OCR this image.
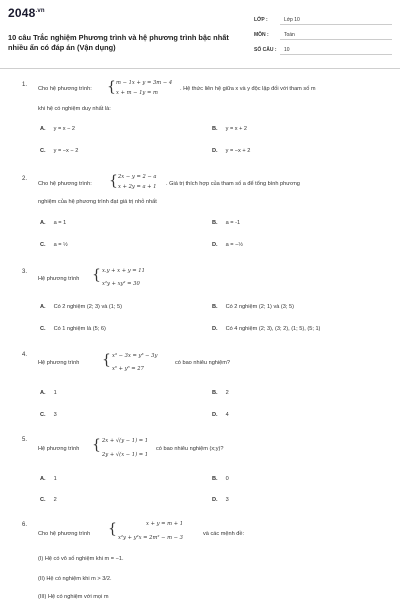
$2048^{.vn}$
10 câu Trắc nghiệm Phương trình và hệ phương trình bậc nhất nhiều ẩn có đáp án (Vận dụng)
LỚP :	Lớp 10
MÔN :	Toán
SỐ CÂU : 10
1.
Cho hệ phương trình: { m − 1x + y = 3m − 4
x + m − 1y = m
. Hệ thức liên hệ giữa x và y độc lập đối với tham số m
khi hệ có nghiệm duy nhất là:
A. y = x − 2	B. y = x + 2
C. y = −x − 2	D. y = −x + 2
2.
Cho hệ phương trình: { 2x − y = 2 − a
x + 2y = a + 1 . Giá trị thích hợp của tham số a để tổng bình phương
nghiệm của hệ phương trình đạt giá trị nhỏ nhất
A. a = 1	B. a = -1
C. a = ½	D. a = −½
3.
Hệ phương trình { x.y + x + y = 11
x²y + xy² = 30
A. Có 2 nghiệm (2; 3) và (1; 5)	B. Có 2 nghiệm (2; 1) và (3; 5)
C. Có 1 nghiệm là (5; 6)	D. Có 4 nghiệm (2; 3), (3; 2), (1; 5), (5; 1)
4.
Hệ phương trình { x³ − 3x = y³ − 3y
x⁶ + y⁶ = 27
có bao nhiêu nghiệm?
A. 1	B. 2
C. 3	D. 4
5.
Hệ phương trình { 2x + √(y − 1) = 1
2y + √(x − 1) = 1
có bao nhiêu nghiệm (x;y)?
A. 1	B. 0
C. 2	D. 3
6.
Cho hệ phương trình {	x + y = m + 1
x²y + y²x = 2m² − m − 3
và các mệnh đề:
(I) Hệ có vô số nghiệm khi m = −1.
(II) Hệ có nghiệm khi m > 3/2.
(III) Hệ có nghiệm với mọi m
